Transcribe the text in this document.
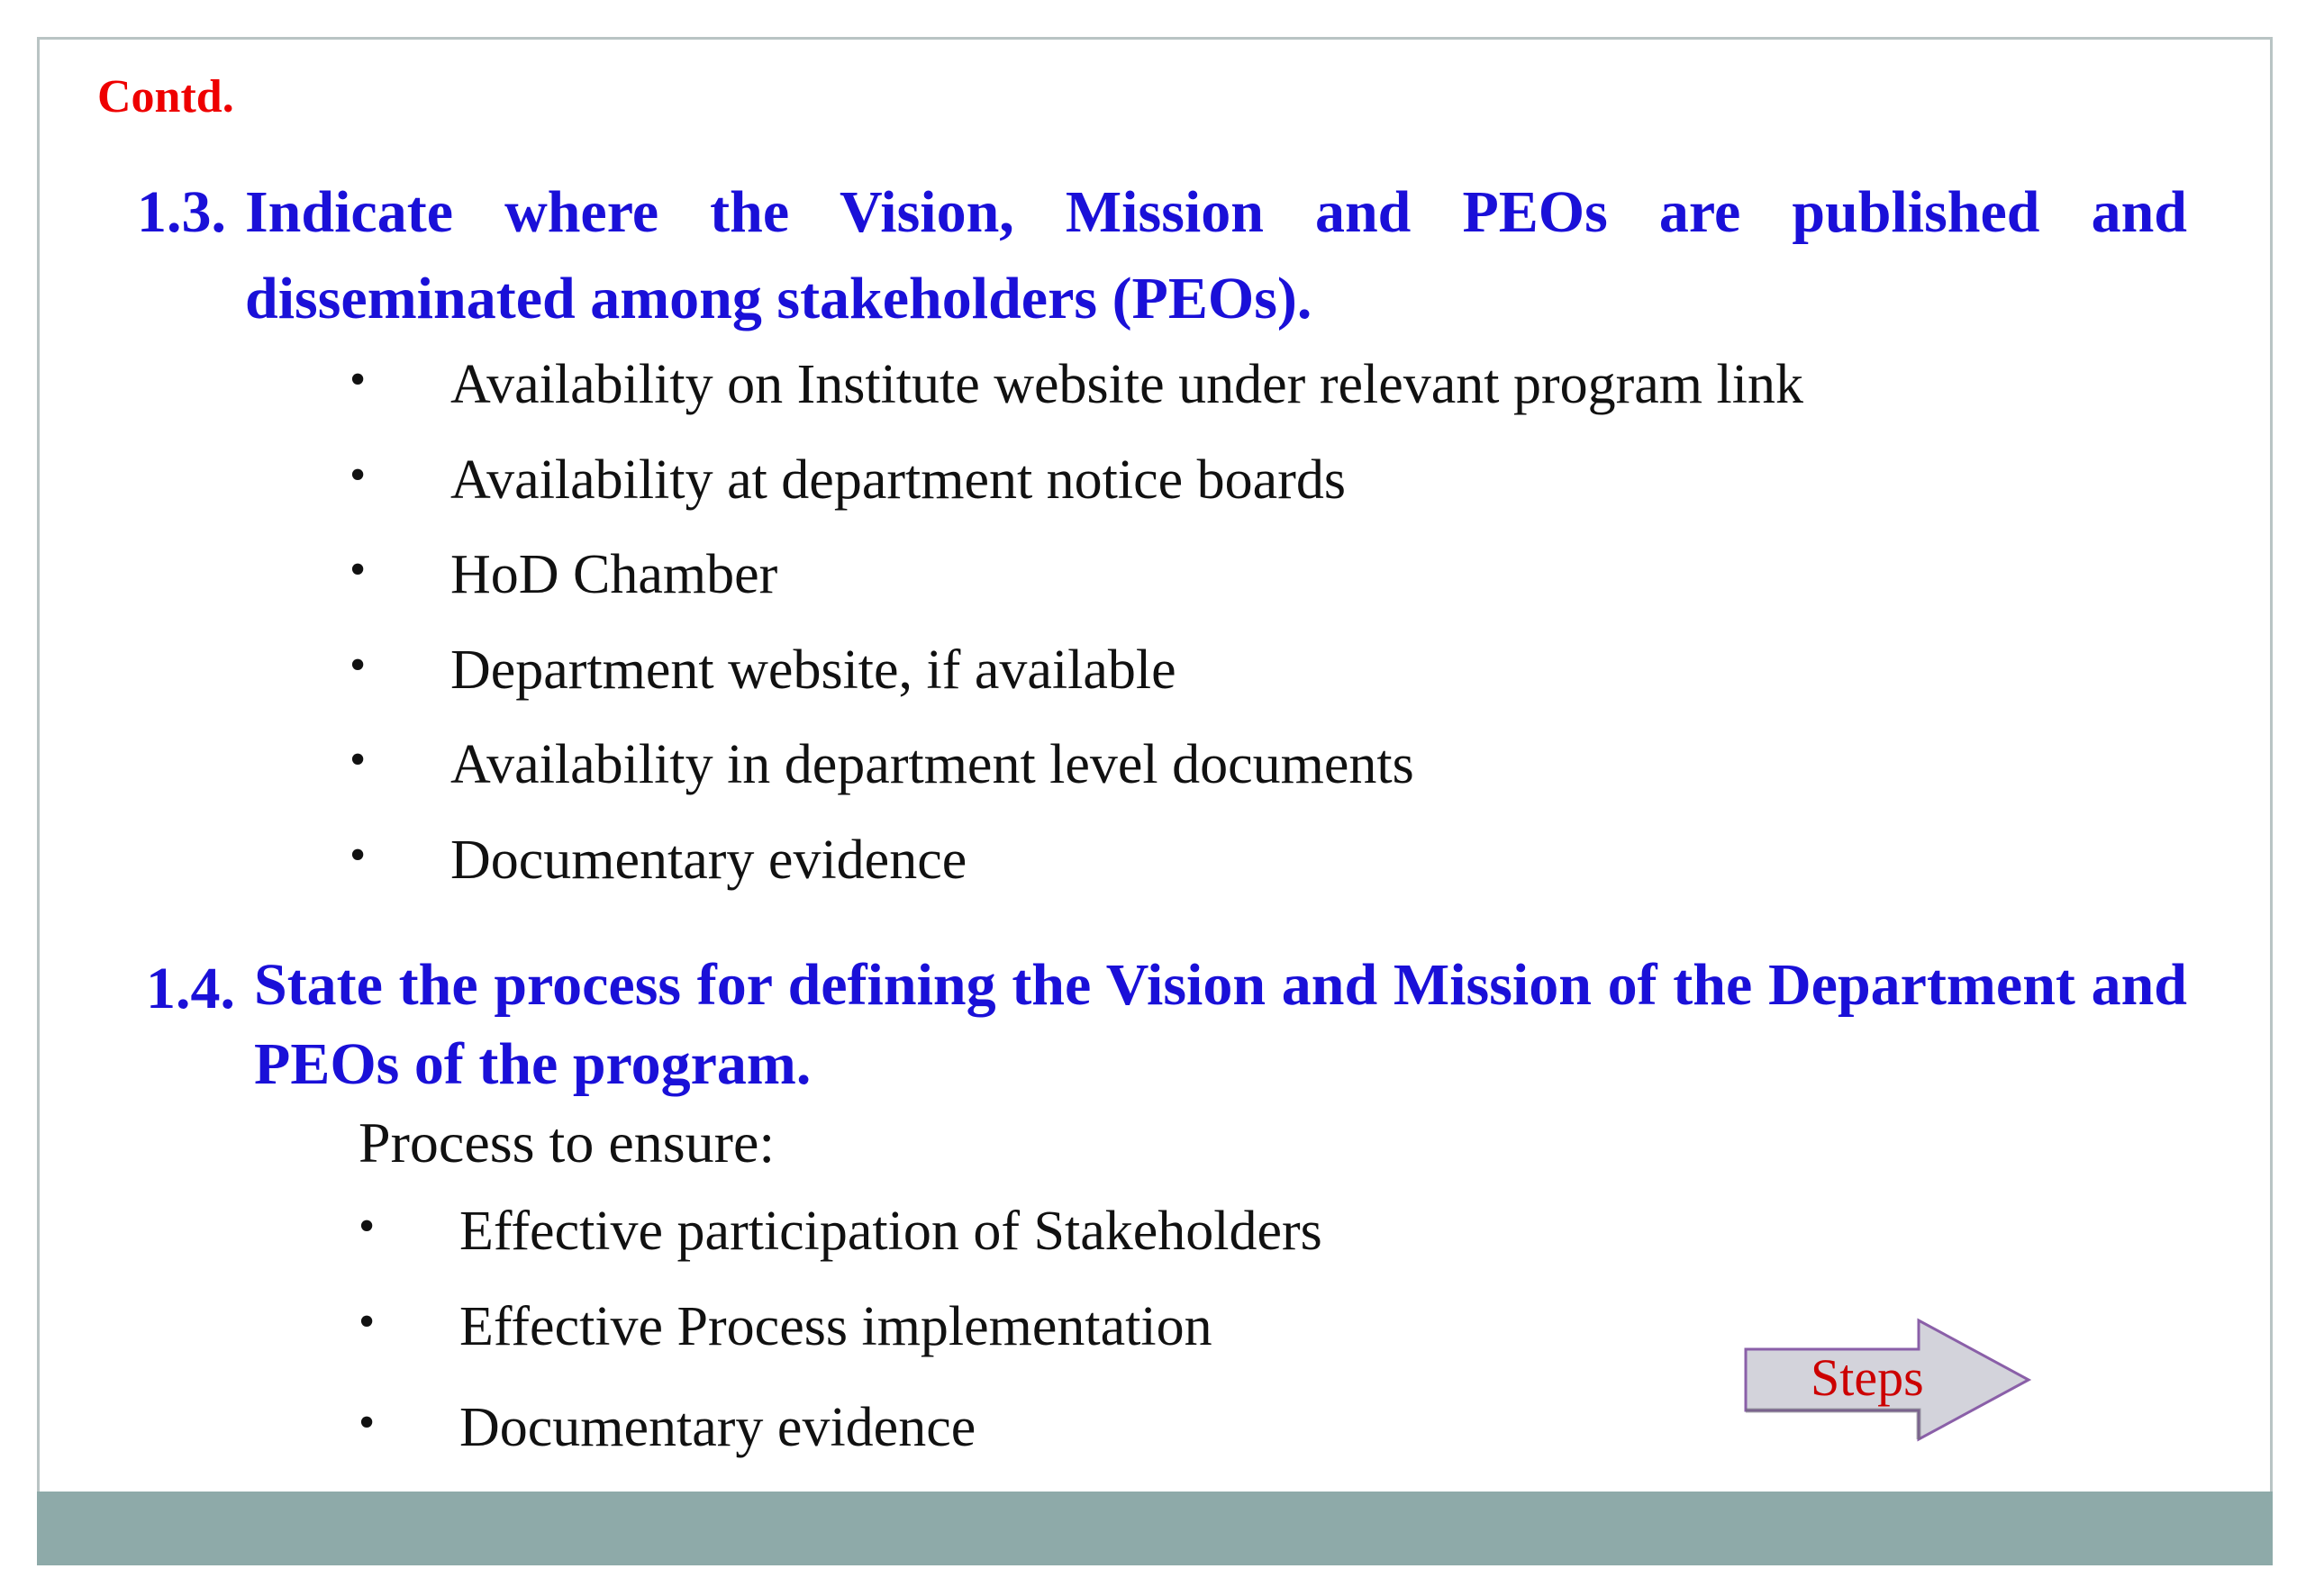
Contd.
1.3. Indicate where the Vision, Mission and PEOs are published and disseminated among stakeholders (PEOs).
• Availability on Institute website under relevant program link
• Availability at department notice boards
• HoD Chamber
• Department website, if available
• Availability in department level documents
• Documentary evidence
1.4. State the process for defining the Vision and Mission of the Department and PEOs of the program.
Process to ensure:
• Effective participation of Stakeholders
• Effective Process implementation
• Documentary evidence
Steps
